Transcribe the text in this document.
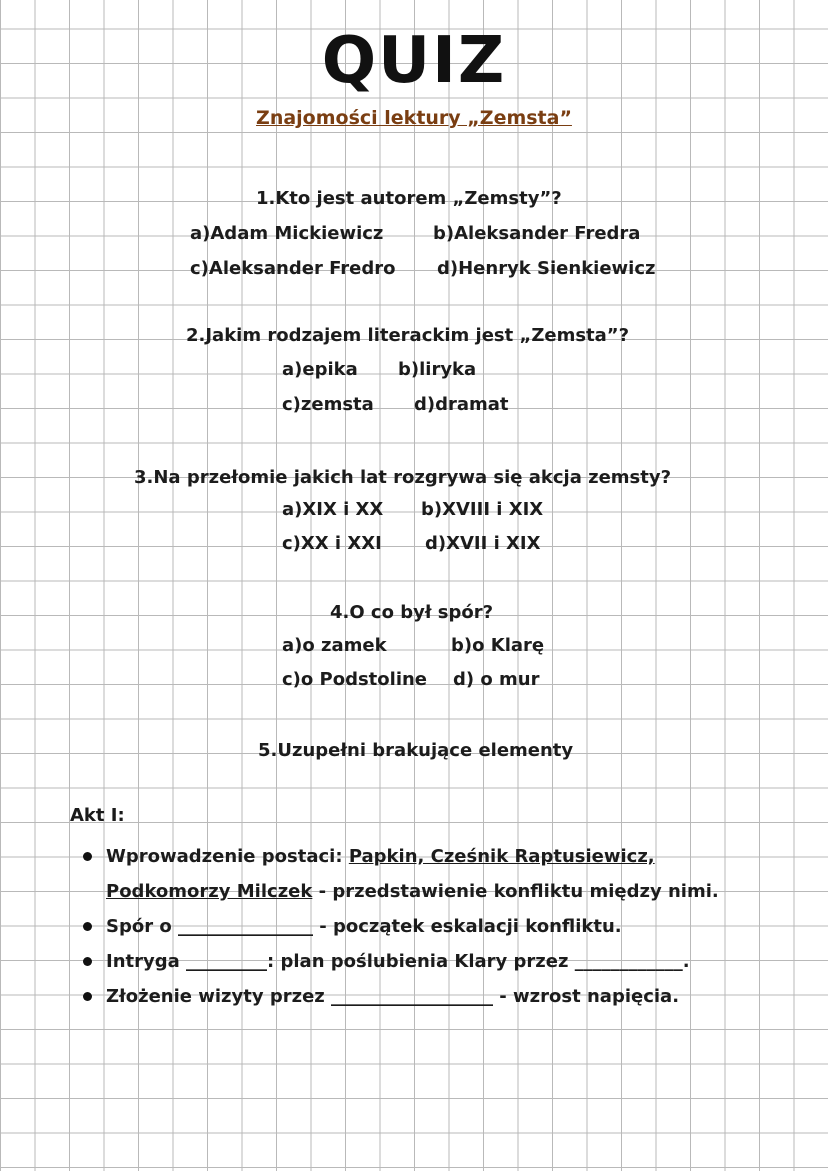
QUIZ
Znajomości lektury „Zemsta”
1.Kto jest autorem „Zemsty”?
a)Adam Mickiewicz	b)Aleksander Fredra
c)Aleksander Fredro d)Henryk Sienkiewicz
2.Jakim rodzajem literackim jest „Zemsta”?
a)epika b)liryka
c)zemsta d)dramat
3.Na przełomie jakich lat rozgrywa się akcja zemsty?
a)XIX i XX b)XVIII i XIX
c)XX i XXI d)XVII i XIX
4.O co był spór?
a)o zamek	b)o Klarę
c)o Podstoline d) o mur
5.Uzupełni brakujące elementy
Akt I:
Wprowadzenie postaci: Papkin, Cześnik Raptusiewicz,
Podkomorzy Milczek - przedstawienie konfliktu między nimi.
Spór o _______________ - początek eskalacji konfliktu.
Intryga _________: plan poślubienia Klary przez ____________.
Złożenie wizyty przez __________________ - wzrost napięcia.
